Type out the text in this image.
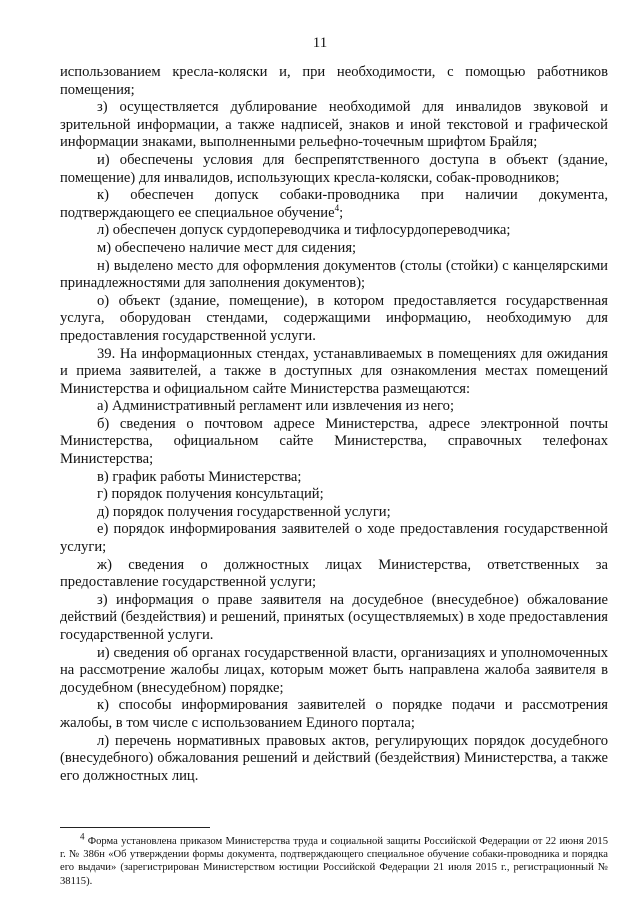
11

использованием кресла-коляски и, при необходимости, с помощью работников помещения;

з) осуществляется дублирование необходимой для инвалидов звуковой и зрительной информации, а также надписей, знаков и иной текстовой и графической информации знаками, выполненными рельефно-точечным шрифтом Брайля;

и) обеспечены условия для беспрепятственного доступа в объект (здание, помещение) для инвалидов, использующих кресла-коляски, собак-проводников;

к) обеспечен допуск собаки-проводника при наличии документа, подтверждающего ее специальное обучение$^4$;

л) обеспечен допуск сурдопереводчика и тифлосурдопереводчика;

м) обеспечено наличие мест для сидения;

н) выделено место для оформления документов (столы (стойки) с канцелярскими принадлежностями для заполнения документов);

о) объект (здание, помещение), в котором предоставляется государственная услуга, оборудован стендами, содержащими информацию, необходимую для предоставления государственной услуги.

39. На информационных стендах, устанавливаемых в помещениях для ожидания и приема заявителей, а также в доступных для ознакомления местах помещений Министерства и официальном сайте Министерства размещаются:

а) Административный регламент или извлечения из него;

б) сведения о почтовом адресе Министерства, адресе электронной почты Министерства, официальном сайте Министерства, справочных телефонах Министерства;

в) график работы Министерства;

г) порядок получения консультаций;

д) порядок получения государственной услуги;

е) порядок информирования заявителей о ходе предоставления государственной услуги;

ж) сведения о должностных лицах Министерства, ответственных за предоставление государственной услуги;

з) информация о праве заявителя на досудебное (внесудебное) обжалование действий (бездействия) и решений, принятых (осуществляемых) в ходе предоставления государственной услуги.

и) сведения об органах государственной власти, организациях и уполномоченных на рассмотрение жалобы лицах, которым может быть направлена жалоба заявителя в досудебном (внесудебном) порядке;

к) способы информирования заявителей о порядке подачи и рассмотрения жалобы, в том числе с использованием Единого портала;

л) перечень нормативных правовых актов, регулирующих порядок досудебного (внесудебного) обжалования решений и действий (бездействия) Министерства, а также его должностных лиц.

$^4$ Форма установлена приказом Министерства труда и социальной защиты Российской Федерации от 22 июня 2015 г. № 386н «Об утверждении формы документа, подтверждающего специальное обучение собаки-проводника и порядка его выдачи» (зарегистрирован Министерством юстиции Российской Федерации 21 июля 2015 г., регистрационный № 38115).
